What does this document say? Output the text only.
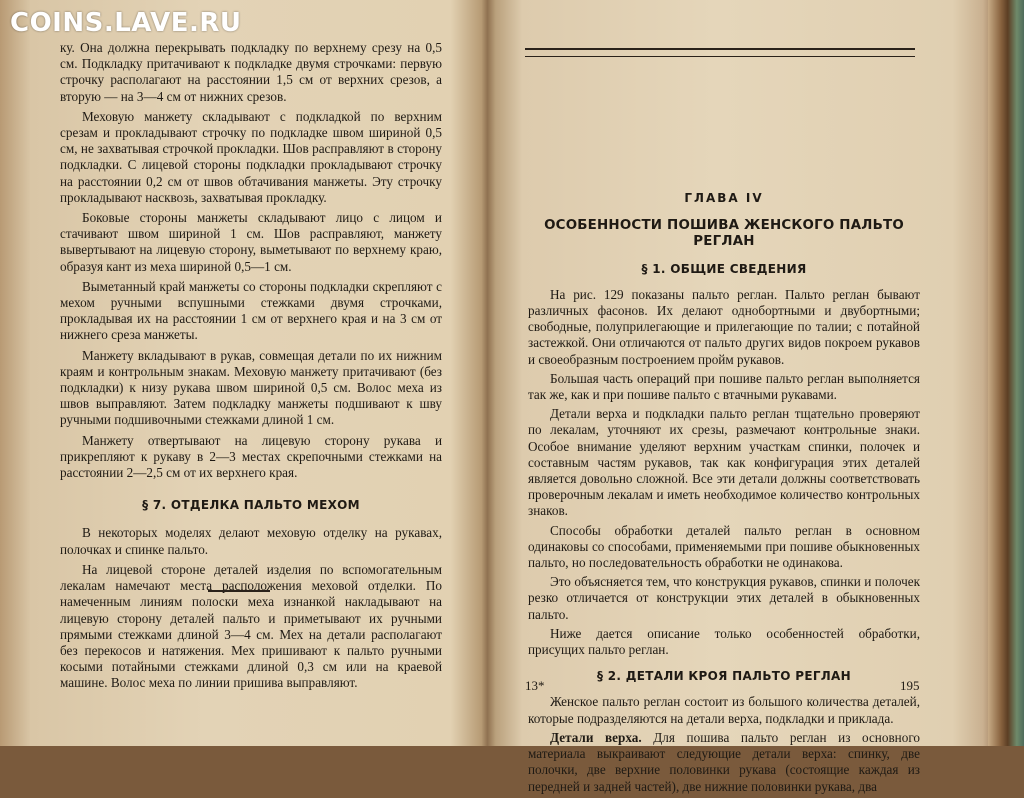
COINS.LAVE.RU

ку. Она должна перекрывать подкладку по верхнему срезу на 0,5 см. Подкладку притачивают к подкладке двумя строчками: первую строчку располагают на расстоянии 1,5 см от верхних срезов, а вторую — на 3—4 см от нижних срезов.

Меховую манжету складывают с подкладкой по верхним срезам и прокладывают строчку по подкладке швом шириной 0,5 см, не захватывая строчкой прокладки. Шов расправляют в сторону подкладки. С лицевой стороны подкладки прокладывают строчку на расстоянии 0,2 см от швов обтачивания манжеты. Эту строчку прокладывают насквозь, захватывая прокладку.

Боковые стороны манжеты складывают лицо с лицом и стачивают швом шириной 1 см. Шов расправляют, манжету вывертывают на лицевую сторону, выметывают по верхнему краю, образуя кант из меха шириной 0,5—1 см.

Выметанный край манжеты со стороны подкладки скрепляют с мехом ручными вспушными стежками двумя строчками, прокладывая их на расстоянии 1 см от верхнего края и на 3 см от нижнего среза манжеты.

Манжету вкладывают в рукав, совмещая детали по их нижним краям и контрольным знакам. Меховую манжету притачивают (без подкладки) к низу рукава швом шириной 0,5 см. Волос меха из швов выправляют. Затем подкладку манжеты подшивают к шву ручными подшивочными стежками длиной 1 см.

Манжету отвертывают на лицевую сторону рукава и прикрепляют к рукаву в 2—3 местах скрепочными стежками на расстоянии 2—2,5 см от их верхнего края.

§ 7. ОТДЕЛКА ПАЛЬТО МЕХОМ

В некоторых моделях делают меховую отделку на рукавах, полочках и спинке пальто.

На лицевой стороне деталей изделия по вспомогательным лекалам намечают места расположения меховой отделки. По намеченным линиям полоски меха изнанкой накладывают на лицевую сторону деталей пальто и приметывают их ручными прямыми стежками длиной 3—4 см. Мех на детали располагают без перекосов и натяжения. Мех пришивают к пальто ручными косыми потайными стежками длиной 0,3 см или на краевой машине. Волос меха по линии пришива выправляют.

ГЛАВА IV
ОСОБЕННОСТИ ПОШИВА ЖЕНСКОГО ПАЛЬТО РЕГЛАН
§ 1. ОБЩИЕ СВЕДЕНИЯ

На рис. 129 показаны пальто реглан. Пальто реглан бывают различных фасонов. Их делают однобортными и двубортными; свободные, полуприлегающие и прилегающие по талии; с потайной застежкой. Они отличаются от пальто других видов покроем рукавов и своеобразным построением пройм рукавов.

Большая часть операций при пошиве пальто реглан выполняется так же, как и при пошиве пальто с втачными рукавами.

Детали верха и подкладки пальто реглан тщательно проверяют по лекалам, уточняют их срезы, размечают контрольные знаки. Особое внимание уделяют верхним участкам спинки, полочек и составным частям рукавов, так как конфигурация этих деталей является довольно сложной. Все эти детали должны соответствовать проверочным лекалам и иметь необходимое количество контрольных знаков.

Способы обработки деталей пальто реглан в основном одинаковы со способами, применяемыми при пошиве обыкновенных пальто, но последовательность обработки не одинакова.

Это объясняется тем, что конструкция рукавов, спинки и полочек резко отличается от конструкции этих деталей в обыкновенных пальто.

Ниже дается описание только особенностей обработки, присущих пальто реглан.

§ 2. ДЕТАЛИ КРОЯ ПАЛЬТО РЕГЛАН

Женское пальто реглан состоит из большого количества деталей, которые подразделяются на детали верха, подкладки и приклада.

Детали верха. Для пошива пальто реглан из основного материала выкраивают следующие детали верха: спинку, две полочки, две верхние половинки рукава (состоящие каждая из передней и задней частей), две нижние половинки рукава, два

13*	195
